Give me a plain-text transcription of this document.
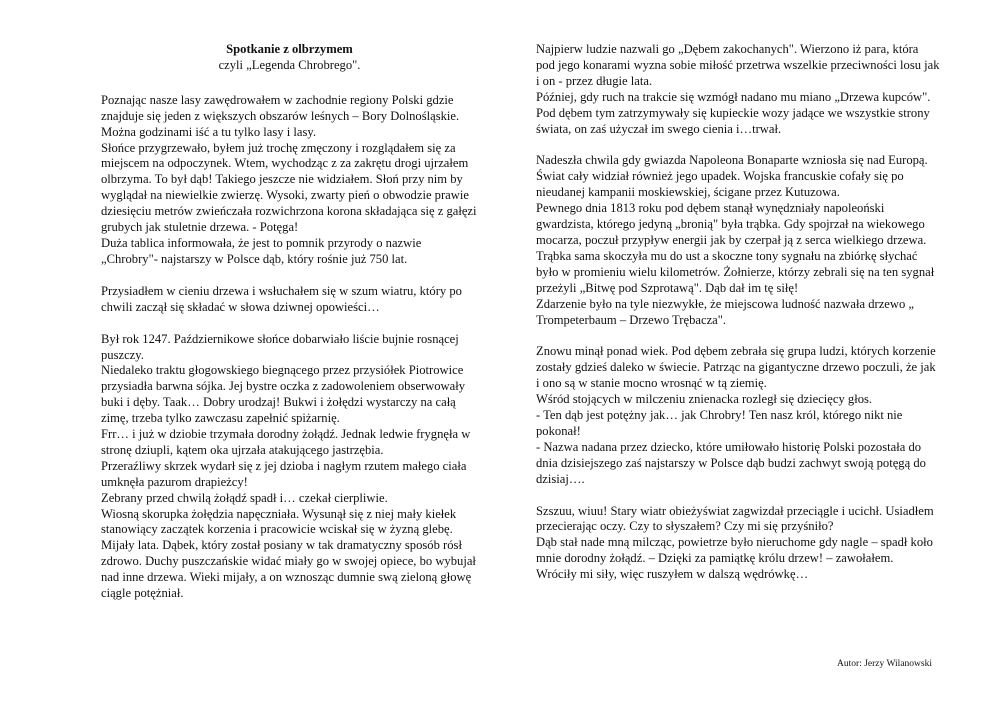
Spotkanie z olbrzymem
czyli „Legenda Chrobrego".

Poznając nasze lasy zawędrowałem w zachodnie regiony Polski gdzie znajduje się jeden z większych obszarów leśnych – Bory Dolnośląskie.
Można godzinami iść a tu tylko lasy i lasy.
Słońce przygrzewało, byłem już trochę zmęczony i rozglądałem się za miejscem na odpoczynek. Wtem, wychodząc z za zakrętu drogi ujrzałem olbrzyma. To był dąb! Takiego jeszcze nie widziałem. Słoń przy nim by wyglądał na niewielkie zwierzę. Wysoki, zwarty pień o obwodzie prawie dziesięciu metrów zwieńczała rozwichrzona korona składająca się z gałęzi grubych jak stuletnie drzewa. - Potęga!
Duża tablica informowała, że jest to pomnik przyrody o nazwie „Chrobry"- najstarszy w Polsce dąb, który rośnie już 750 lat.

Przysiadłem w cieniu drzewa i wsłuchałem się w szum wiatru, który po chwili zaczął się składać w słowa dziwnej opowieści…

Był rok 1247. Październikowe słońce dobarwiało liście bujnie rosnącej puszczy.
Niedaleko traktu głogowskiego biegnącego przez przysiółek Piotrowice przysiadła barwna sójka. Jej bystre oczka z zadowoleniem obserwowały buki i dęby. Taak… Dobry urodzaj! Bukwi i żołędzi wystarczy na całą zimę, trzeba tylko zawczasu zapełnić spiżarnię.
Frr… i już w dziobie trzymała dorodny żołądź. Jednak ledwie frygnęła w stronę dziupli, kątem oka ujrzała atakującego jastrzębia.
Przeraźliwy skrzek wydarł się z jej dzioba i nagłym rzutem małego ciała umknęła pazurom drapieżcy!
Zebrany przed chwilą żołądź spadł i… czekał cierpliwie.
Wiosną skorupka żołędzia napęczniała. Wysunął się z niej mały kiełek stanowiący zaczątek korzenia i pracowicie wciskał się w żyzną glebę.
Mijały lata. Dąbek, który został posiany w tak dramatyczny sposób rósł zdrowo. Duchy puszczańskie widać miały go w swojej opiece, bo wybujał nad inne drzewa. Wieki mijały, a on wznosząc dumnie swą zieloną głowę ciągle potężniał.

Najpierw ludzie nazwali go „Dębem zakochanych". Wierzono iż para, która pod jego konarami wyzna sobie miłość przetrwa wszelkie przeciwności losu jak i on - przez długie lata.
Później, gdy ruch na trakcie się wzmógł nadano mu miano „Drzewa kupców". Pod dębem tym zatrzymywały się kupieckie wozy jadące we wszystkie strony świata, on zaś użyczał im swego cienia i…trwał.

Nadeszła chwila gdy gwiazda Napoleona Bonaparte wzniosła się nad Europą.
Świat cały widział również jego upadek. Wojska francuskie cofały się po nieudanej kampanii moskiewskiej, ścigane przez Kutuzowa.
Pewnego dnia 1813 roku pod dębem stanął wynędzniały napoleoński gwardzista, którego jedyną „bronią" była trąbka. Gdy spojrzał na wiekowego mocarza, poczuł przypływ energii jak by czerpał ją z serca wielkiego drzewa.
Trąbka sama skoczyła mu do ust a skoczne tony sygnału na zbiórkę słychać było w promieniu wielu kilometrów. Żołnierze, którzy zebrali się na ten sygnał przeżyli „Bitwę pod Szprotawą". Dąb dał im tę siłę!
Zdarzenie było na tyle niezwykłe, że miejscowa ludność nazwała drzewo „ Trompeterbaum – Drzewo Trębacza".

Znowu minął ponad wiek. Pod dębem zebrała się grupa ludzi, których korzenie zostały gdzieś daleko w świecie. Patrząc na gigantyczne drzewo poczuli, że jak i ono są w stanie mocno wrosnąć w tą ziemię.
Wśród stojących w milczeniu znienacka rozległ się dziecięcy głos.
- Ten dąb jest potężny jak… jak Chrobry! Ten nasz król, którego nikt nie pokonał!
- Nazwa nadana przez dziecko, które umiłowało historię Polski pozostała do dnia dzisiejszego zaś najstarszy w Polsce dąb budzi zachwyt swoją potęgą do dzisiaj….

Szszuu, wiuu! Stary wiatr obieżyświat zagwizdał przeciągle i ucichł. Usiadłem przecierając oczy. Czy to słyszałem? Czy mi się przyśniło?
Dąb stał nade mną milcząc, powietrze było nieruchome gdy nagle – spadł koło mnie dorodny żołądź. – Dzięki za pamiątkę królu drzew! – zawołałem.
Wróciły mi siły, więc ruszyłem w dalszą wędrówkę…

Autor: Jerzy Wilanowski
